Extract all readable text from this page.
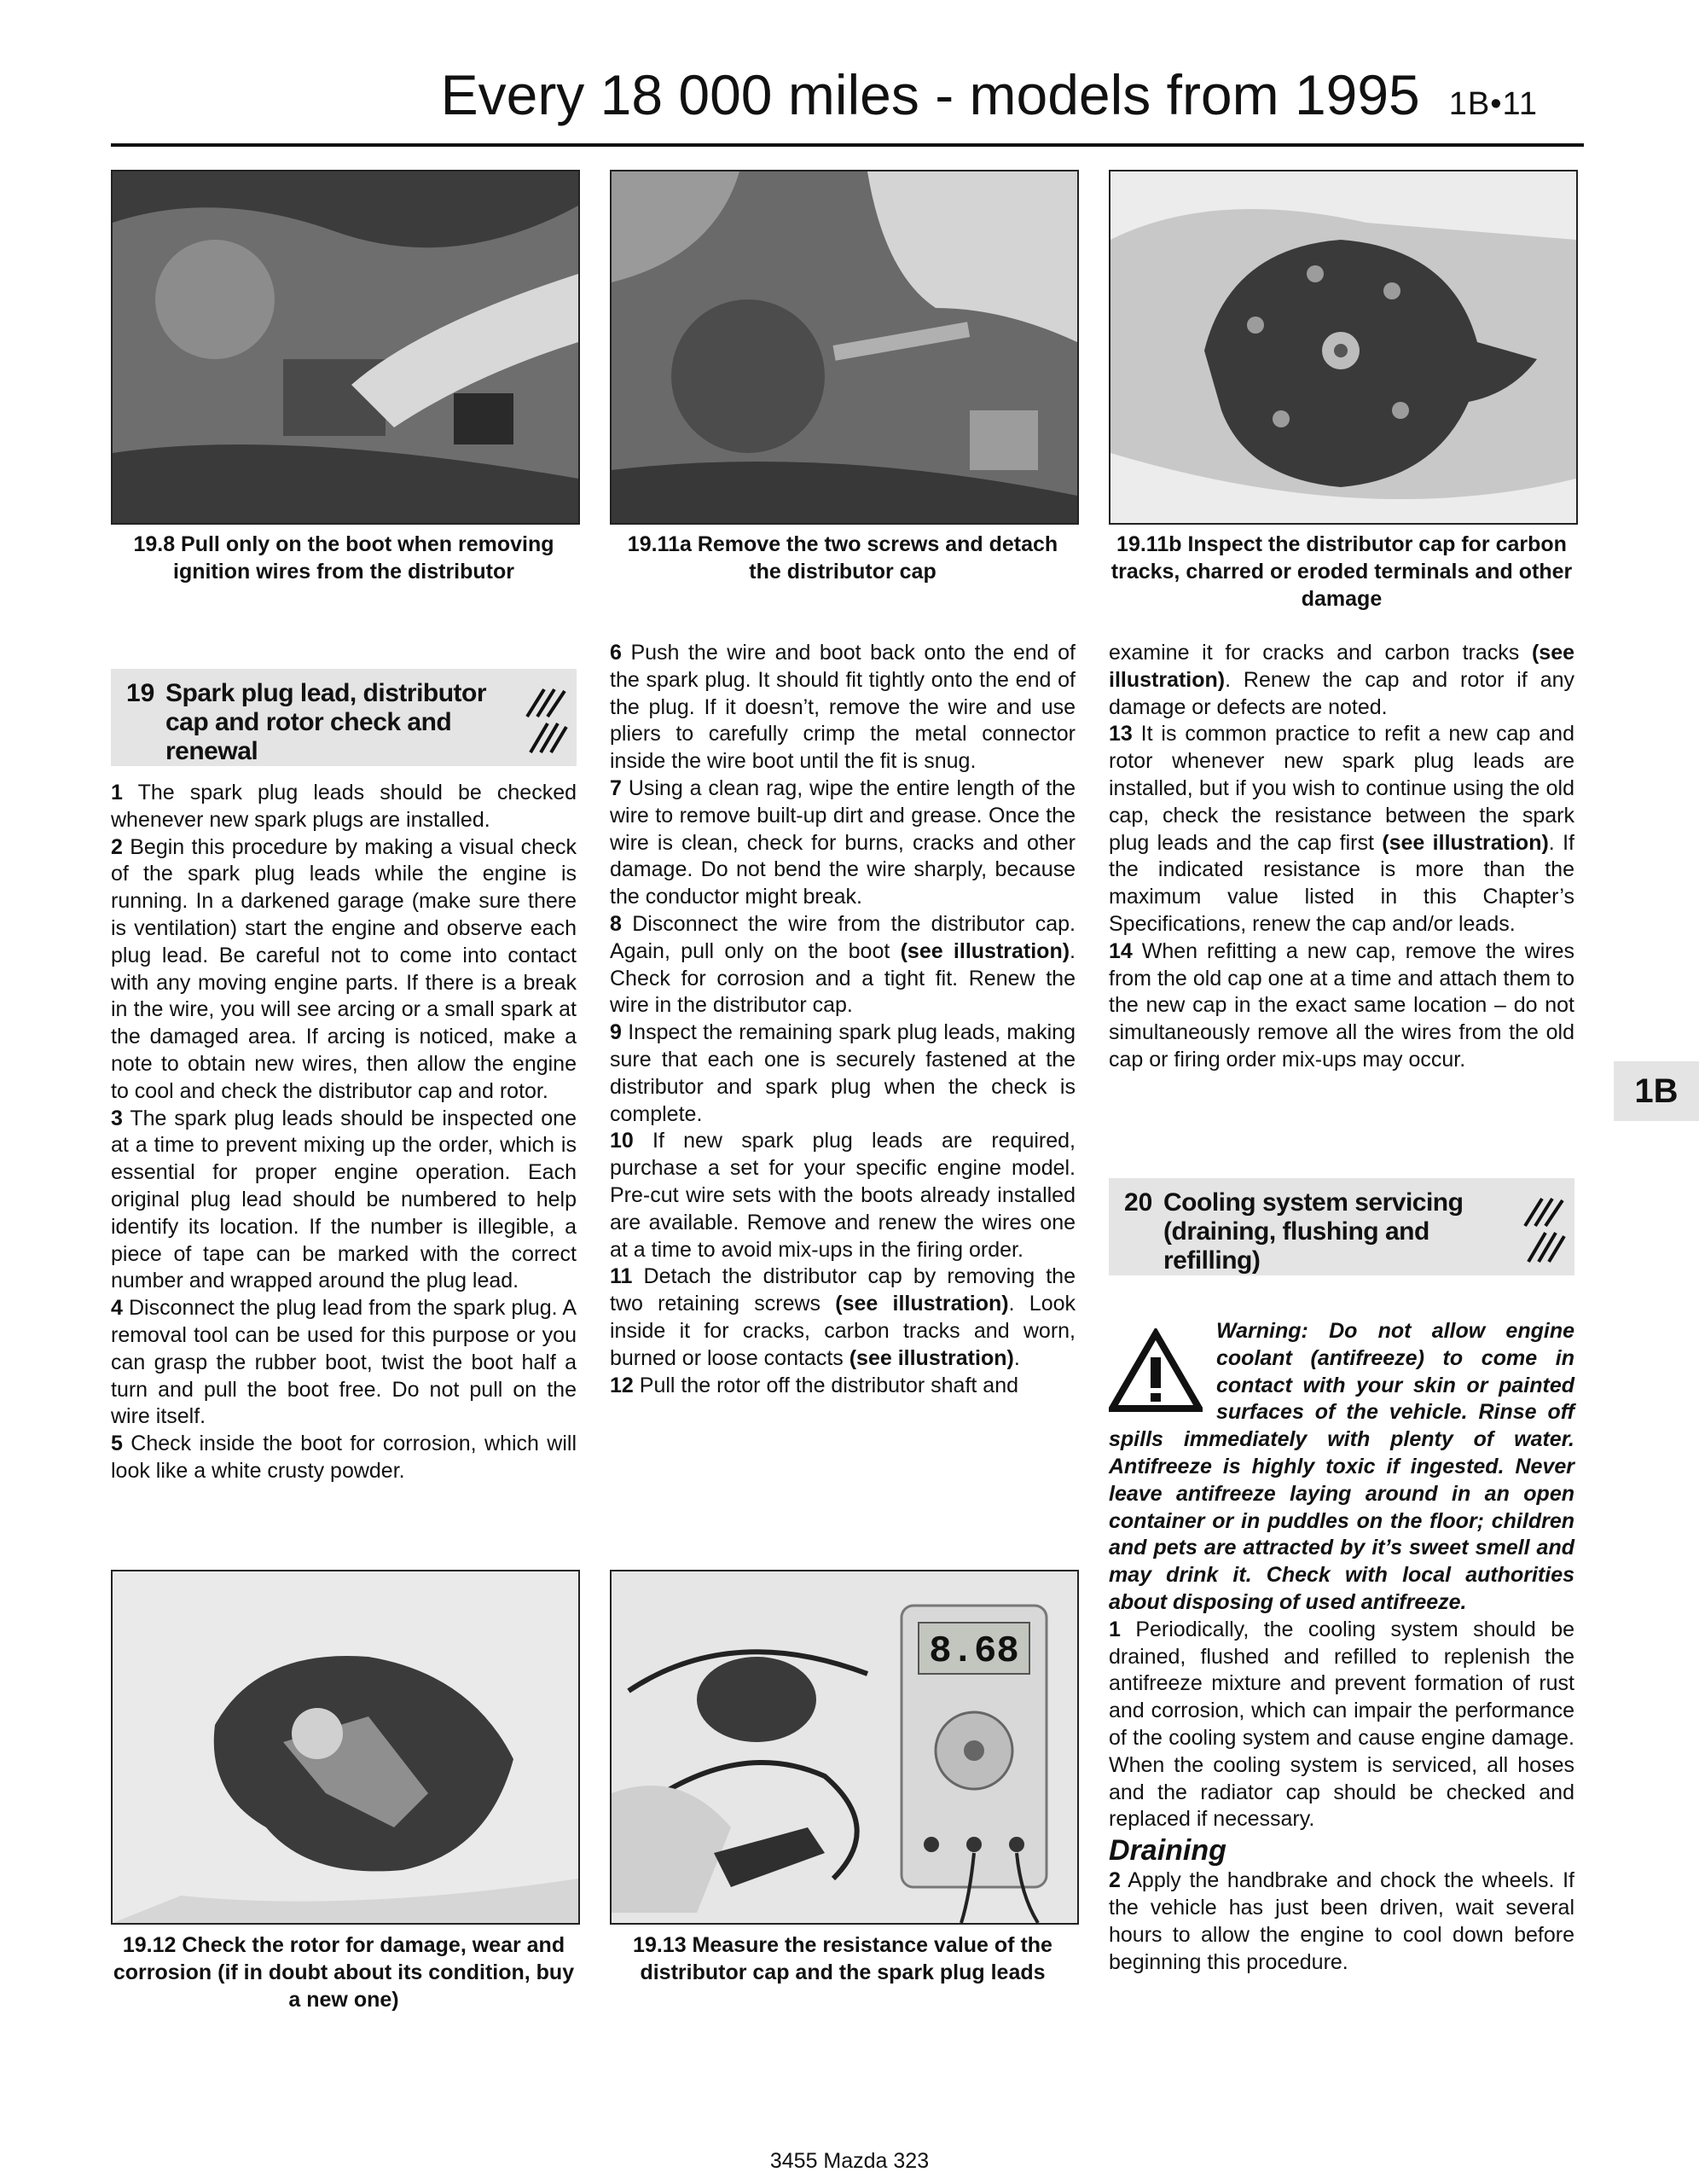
Every 18 000 miles - models from 1995 1B•11
19.8 Pull only on the boot when removing ignition wires from the distributor
19.11a Remove the two screws and detach the distributor cap
19.11b Inspect the distributor cap for carbon tracks, charred or eroded terminals and other damage
19 Spark plug lead, distributor cap and rotor check and renewal

1 The spark plug leads should be checked whenever new spark plugs are installed.

2 Begin this procedure by making a visual check of the spark plug leads while the engine is running. In a darkened garage (make sure there is ventilation) start the engine and observe each plug lead. Be careful not to come into contact with any moving engine parts. If there is a break in the wire, you will see arcing or a small spark at the damaged area. If arcing is noticed, make a note to obtain new wires, then allow the engine to cool and check the distributor cap and rotor.

3 The spark plug leads should be inspected one at a time to prevent mixing up the order, which is essential for proper engine operation. Each original plug lead should be numbered to help identify its location. If the number is illegible, a piece of tape can be marked with the correct number and wrapped around the plug lead.

4 Disconnect the plug lead from the spark plug. A removal tool can be used for this purpose or you can grasp the rubber boot, twist the boot half a turn and pull the boot free. Do not pull on the wire itself.

5 Check inside the boot for corrosion, which will look like a white crusty powder.

6 Push the wire and boot back onto the end of the spark plug. It should fit tightly onto the end of the plug. If it doesn’t, remove the wire and use pliers to carefully crimp the metal connector inside the wire boot until the fit is snug.

7 Using a clean rag, wipe the entire length of the wire to remove built-up dirt and grease. Once the wire is clean, check for burns, cracks and other damage. Do not bend the wire sharply, because the conductor might break.

8 Disconnect the wire from the distributor cap. Again, pull only on the boot (see illustration). Check for corrosion and a tight fit. Renew the wire in the distributor cap.

9 Inspect the remaining spark plug leads, making sure that each one is securely fastened at the distributor and spark plug when the check is complete.

10 If new spark plug leads are required, purchase a set for your specific engine model. Pre-cut wire sets with the boots already installed are available. Remove and renew the wires one at a time to avoid mix-ups in the firing order.

11 Detach the distributor cap by removing the two retaining screws (see illustration). Look inside it for cracks, carbon tracks and worn, burned or loose contacts (see illustration).

12 Pull the rotor off the distributor shaft and

examine it for cracks and carbon tracks (see illustration). Renew the cap and rotor if any damage or defects are noted.

13 It is common practice to refit a new cap and rotor whenever new spark plug leads are installed, but if you wish to continue using the old cap, check the resistance between the spark plug leads and the cap first (see illustration). If the indicated resistance is more than the maximum value listed in this Chapter’s Specifications, renew the cap and/or leads.

14 When refitting a new cap, remove the wires from the old cap one at a time and attach them to the new cap in the exact same location – do not simultaneously remove all the wires from the old cap or firing order mix-ups may occur.

1B
20 Cooling system servicing (draining, flushing and refilling)

Warning: Do not allow engine coolant (antifreeze) to come in contact with your skin or painted surfaces of the vehicle. Rinse off spills immediately with plenty of water. Antifreeze is highly toxic if ingested. Never leave antifreeze laying around in an open container or in puddles on the floor; children and pets are attracted by it’s sweet smell and may drink it. Check with local authorities about disposing of used antifreeze.

1 Periodically, the cooling system should be drained, flushed and refilled to replenish the antifreeze mixture and prevent formation of rust and corrosion, which can impair the performance of the cooling system and cause engine damage. When the cooling system is serviced, all hoses and the radiator cap should be checked and replaced if necessary.

Draining

2 Apply the handbrake and chock the wheels. If the vehicle has just been driven, wait several hours to allow the engine to cool down before beginning this procedure.

19.12 Check the rotor for damage, wear and corrosion (if in doubt about its condition, buy a new one)
8.68
19.13 Measure the resistance value of the distributor cap and the spark plug leads
3455 Mazda 323
